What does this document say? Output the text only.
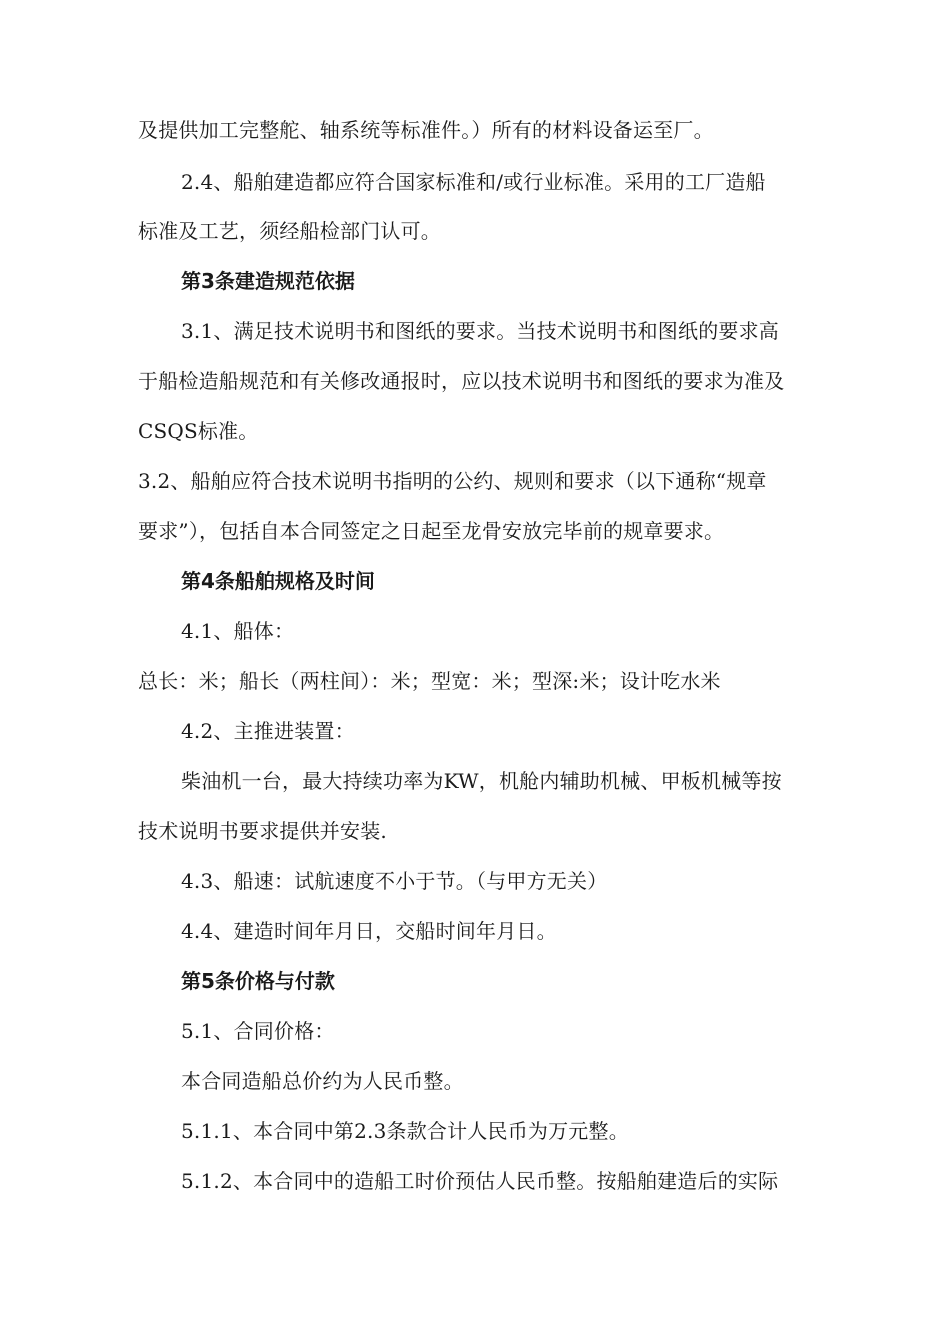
及提供加工完整舵、轴系统等标准件。）所有的材料设备运至厂。
2.4、船舶建造都应符合国家标准和/或行业标准。采用的工厂造船
标准及工艺，须经船检部门认可。
第3条建造规范依据
3.1、满足技术说明书和图纸的要求。当技术说明书和图纸的要求高
于船检造船规范和有关修改通报时，应以技术说明书和图纸的要求为准及
CSQS标准。
3.2、船舶应符合技术说明书指明的公约、规则和要求（以下通称“规章
要求”），包括自本合同签定之日起至龙骨安放完毕前的规章要求。
第4条船舶规格及时间
4.1、船体：
总长：米；船长（两柱间）：米；型宽：米；型深:米；设计吃水米
4.2、主推进装置：
柴油机一台，最大持续功率为KW，机舱内辅助机械、甲板机械等按
技术说明书要求提供并安装.
4.3、船速：试航速度不小于节。（与甲方无关）
4.4、建造时间年月日，交船时间年月日。
第5条价格与付款
5.1、合同价格：
本合同造船总价约为人民币整。
5.1.1、本合同中第2.3条款合计人民币为万元整。
5.1.2、本合同中的造船工时价预估人民币整。按船舶建造后的实际
